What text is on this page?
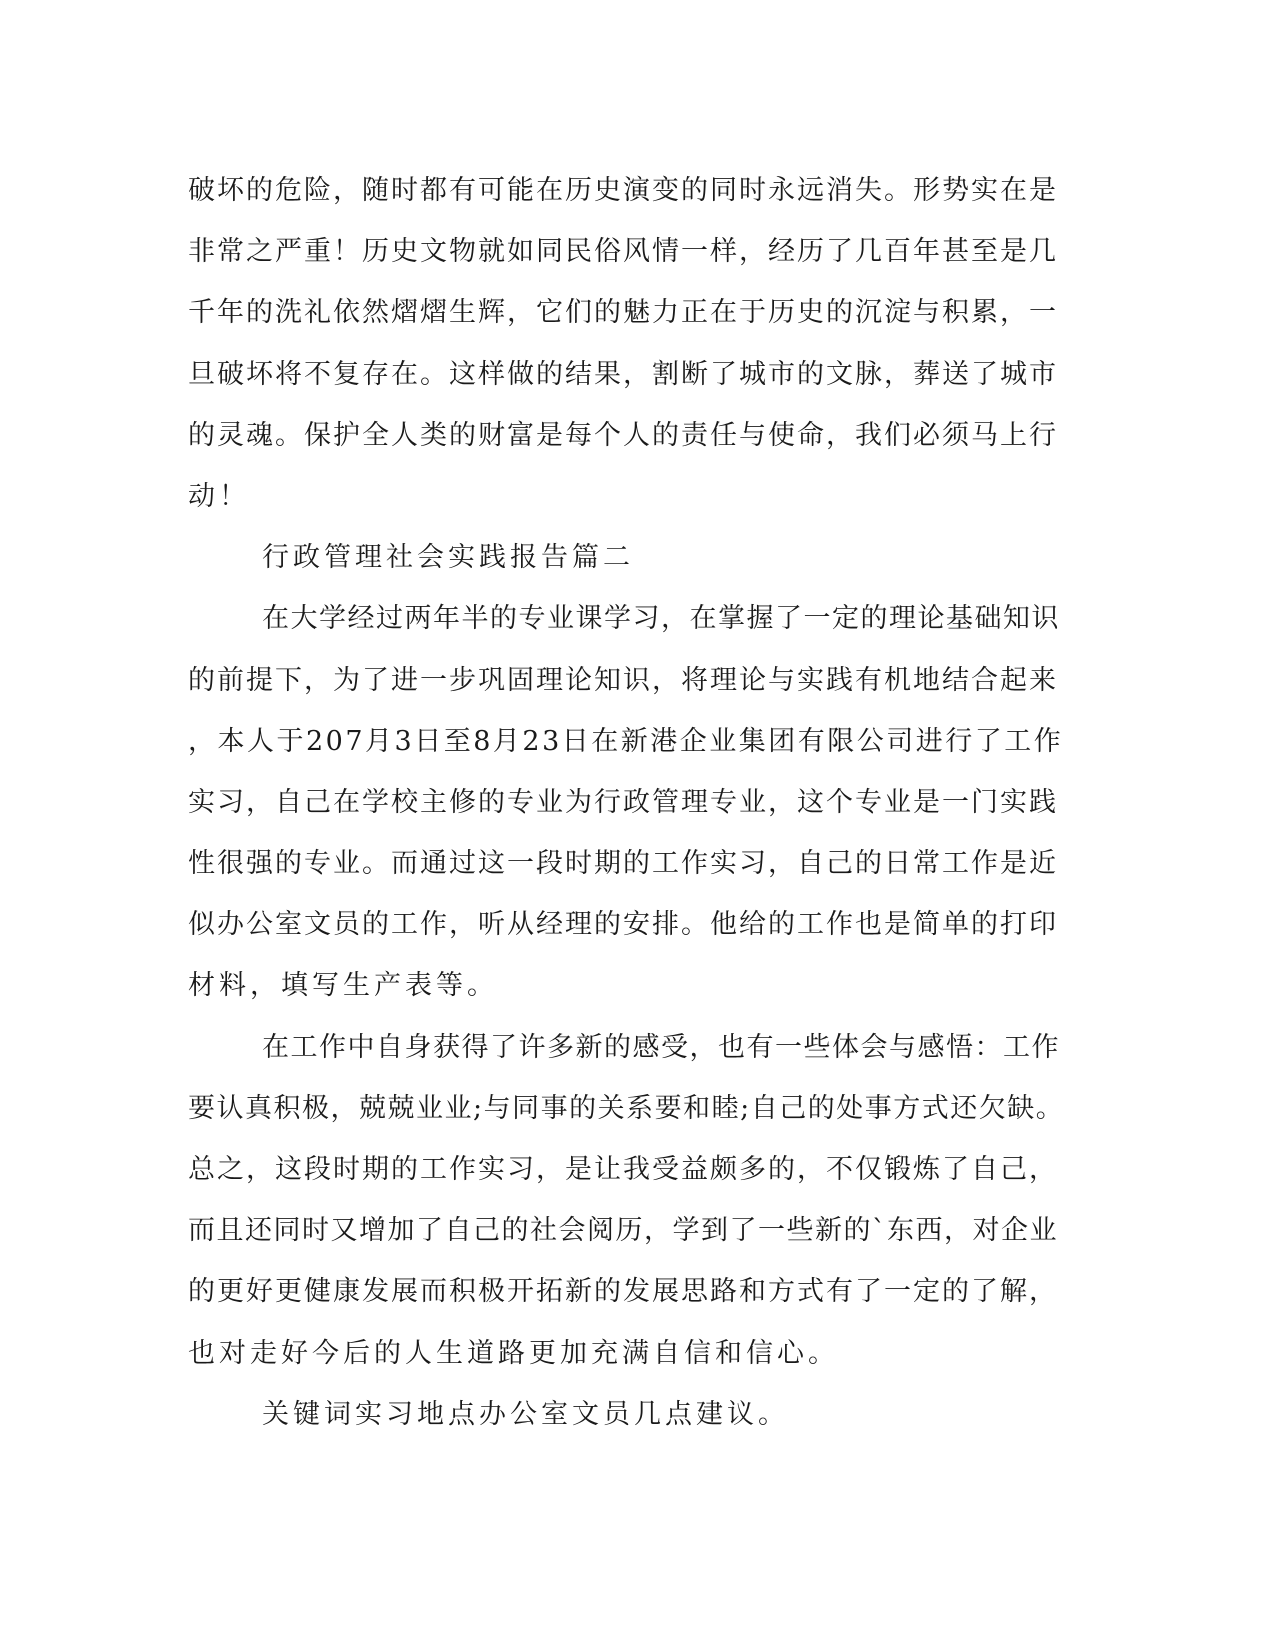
破坏的危险，随时都有可能在历史演变的同时永远消失。形势实在是
非常之严重！历史文物就如同民俗风情一样，经历了几百年甚至是几
千年的洗礼依然熠熠生辉，它们的魅力正在于历史的沉淀与积累，一
旦破坏将不复存在。这样做的结果，割断了城市的文脉，葬送了城市
的灵魂。保护全人类的财富是每个人的责任与使命，我们必须马上行
动！
行政管理社会实践报告篇二
在大学经过两年半的专业课学习，在掌握了一定的理论基础知识
的前提下，为了进一步巩固理论知识，将理论与实践有机地结合起来
，本人于207月3日至8月23日在新港企业集团有限公司进行了工作
实习，自己在学校主修的专业为行政管理专业，这个专业是一门实践
性很强的专业。而通过这一段时期的工作实习，自己的日常工作是近
似办公室文员的工作，听从经理的安排。他给的工作也是简单的打印
材料，填写生产表等。
在工作中自身获得了许多新的感受，也有一些体会与感悟：工作
要认真积极，兢兢业业;与同事的关系要和睦;自己的处事方式还欠缺。
总之，这段时期的工作实习，是让我受益颇多的，不仅锻炼了自己，
而且还同时又增加了自己的社会阅历，学到了一些新的`东西，对企业
的更好更健康发展而积极开拓新的发展思路和方式有了一定的了解，
也对走好今后的人生道路更加充满自信和信心。
关键词实习地点办公室文员几点建议。
